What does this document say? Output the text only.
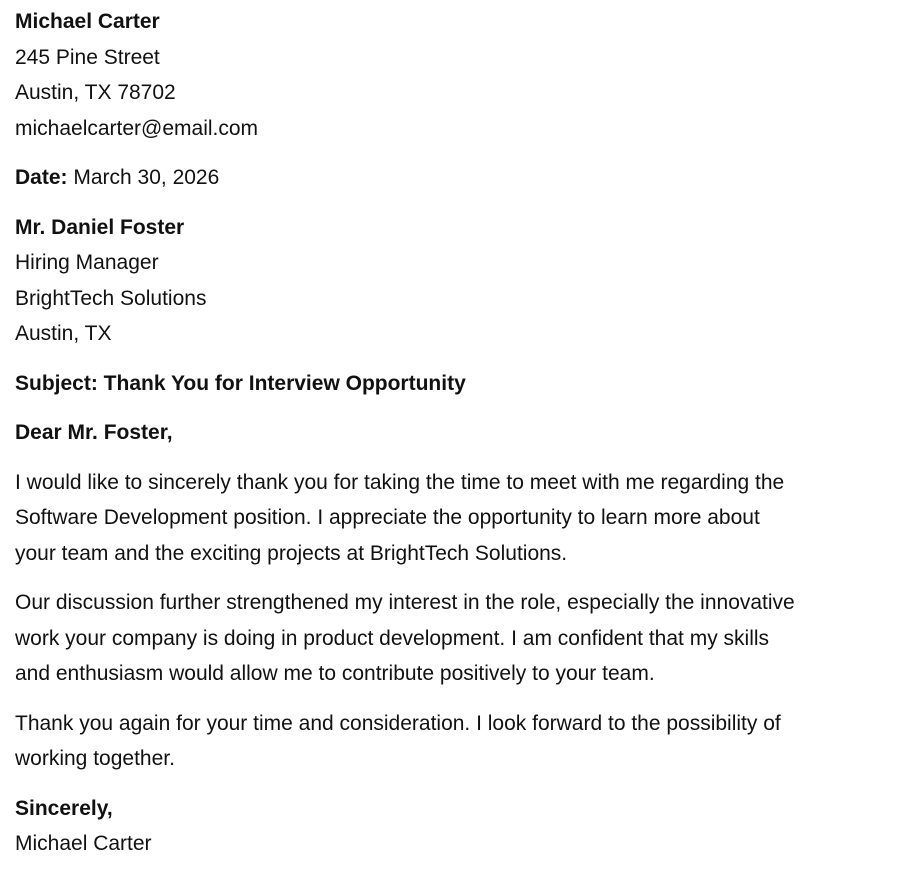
Michael Carter
245 Pine Street
Austin, TX 78702
michaelcarter@email.com
Date: March 30, 2026
Mr. Daniel Foster
Hiring Manager
BrightTech Solutions
Austin, TX
Subject: Thank You for Interview Opportunity
Dear Mr. Foster,
I would like to sincerely thank you for taking the time to meet with me regarding the
Software Development position. I appreciate the opportunity to learn more about
your team and the exciting projects at BrightTech Solutions.
Our discussion further strengthened my interest in the role, especially the innovative
work your company is doing in product development. I am confident that my skills
and enthusiasm would allow me to contribute positively to your team.
Thank you again for your time and consideration. I look forward to the possibility of
working together.
Sincerely,
Michael Carter
